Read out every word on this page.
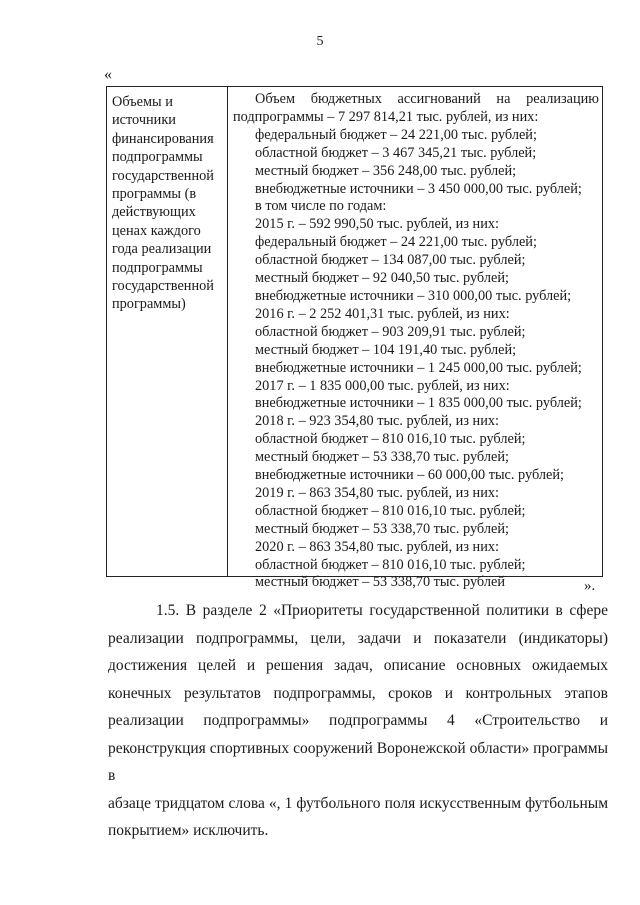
5
«
Объемы и
источники
финансирования
подпрограммы
государственной
программы (в
действующих
ценах каждого
года реализации
подпрограммы
государственной
программы)
Объем бюджетных ассигнований на реализацию
подпрограммы – 7 297 814,21 тыс. рублей, из них:
федеральный бюджет – 24 221,00 тыс. рублей;
областной бюджет – 3 467 345,21 тыс. рублей;
местный бюджет – 356 248,00 тыс. рублей;
внебюджетные источники – 3 450 000,00 тыс. рублей;
в том числе по годам:
2015 г. – 592 990,50 тыс. рублей, из них:
федеральный бюджет – 24 221,00 тыс. рублей;
областной бюджет – 134 087,00 тыс. рублей;
местный бюджет – 92 040,50 тыс. рублей;
внебюджетные источники – 310 000,00 тыс. рублей;
2016 г. – 2 252 401,31 тыс. рублей, из них:
областной бюджет – 903 209,91 тыс. рублей;
местный бюджет – 104 191,40 тыс. рублей;
внебюджетные источники – 1 245 000,00 тыс. рублей;
2017 г. – 1 835 000,00 тыс. рублей, из них:
внебюджетные источники – 1 835 000,00 тыс. рублей;
2018 г. – 923 354,80 тыс. рублей, из них:
областной бюджет – 810 016,10 тыс. рублей;
местный бюджет – 53 338,70 тыс. рублей;
внебюджетные источники – 60 000,00 тыс. рублей;
2019 г. – 863 354,80 тыс. рублей, из них:
областной бюджет – 810 016,10 тыс. рублей;
местный бюджет – 53 338,70 тыс. рублей;
2020 г. – 863 354,80 тыс. рублей, из них:
областной бюджет – 810 016,10 тыс. рублей;
местный бюджет – 53 338,70 тыс. рублей	».
1.5. В разделе 2 «Приоритеты государственной политики в сфере
реализации подпрограммы, цели, задачи и показатели (индикаторы)
достижения целей и решения задач, описание основных ожидаемых
конечных результатов подпрограммы, сроков и контрольных этапов
реализации подпрограммы» подпрограммы 4 «Строительство и
реконструкция спортивных сооружений Воронежской области» программы в
абзаце тридцатом слова «, 1 футбольного поля искусственным футбольным
покрытием» исключить.
